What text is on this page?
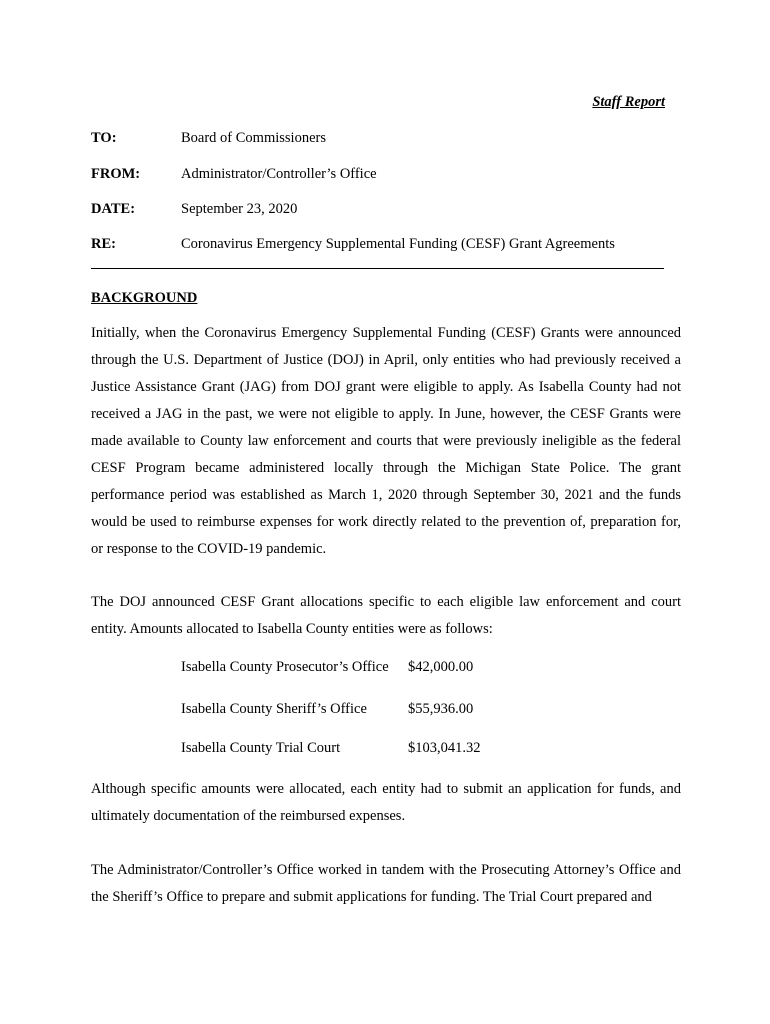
Staff Report
TO:	Board of Commissioners
FROM:	Administrator/Controller’s Office
DATE:	September 23, 2020
RE:	Coronavirus Emergency Supplemental Funding (CESF) Grant Agreements
BACKGROUND

Initially, when the Coronavirus Emergency Supplemental Funding (CESF) Grants were announced through the U.S. Department of Justice (DOJ) in April, only entities who had previously received a Justice Assistance Grant (JAG) from DOJ grant were eligible to apply. As Isabella County had not received a JAG in the past, we were not eligible to apply. In June, however, the CESF Grants were made available to County law enforcement and courts that were previously ineligible as the federal CESF Program became administered locally through the Michigan State Police. The grant performance period was established as March 1, 2020 through September 30, 2021 and the funds would be used to reimburse expenses for work directly related to the prevention of, preparation for, or response to the COVID-19 pandemic.

The DOJ announced CESF Grant allocations specific to each eligible law enforcement and court entity. Amounts allocated to Isabella County entities were as follows:

Isabella County Prosecutor’s Office $42,000.00
Isabella County Sheriff’s Office	$55,936.00
Isabella County Trial Court	$103,041.32

Although specific amounts were allocated, each entity had to submit an application for funds, and ultimately documentation of the reimbursed expenses.

The Administrator/Controller’s Office worked in tandem with the Prosecuting Attorney’s Office and the Sheriff’s Office to prepare and submit applications for funding. The Trial Court prepared and
